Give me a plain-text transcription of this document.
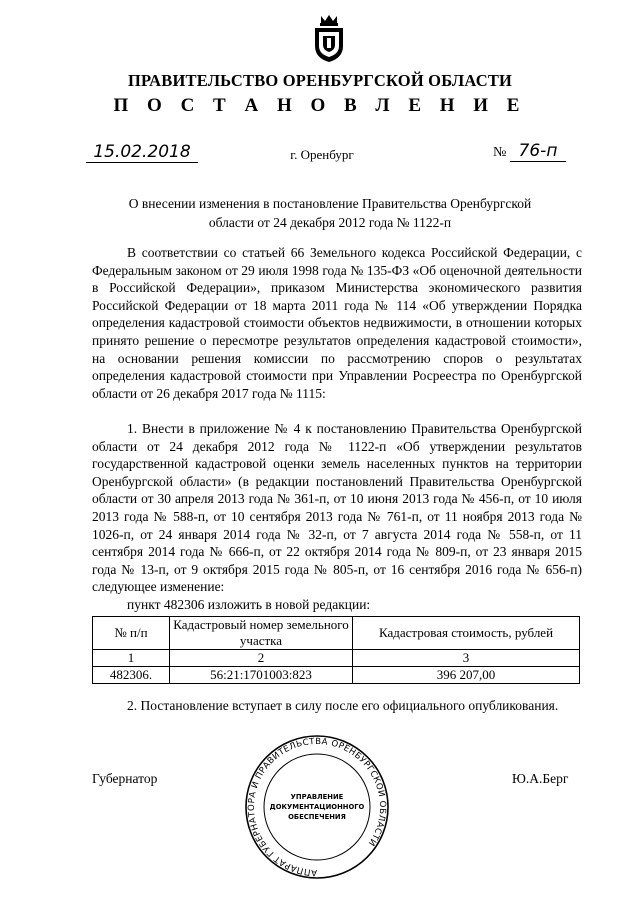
ПРАВИТЕЛЬСТВО ОРЕНБУРГСКОЙ ОБЛАСТИ
П О С Т А Н О В Л Е Н И Е
15.02.2018	г. Оренбург	№ 76-п
О внесении изменения в постановление Правительства Оренбургской области от 24 декабря 2012 года № 1122-п
В соответствии со статьей 66 Земельного кодекса Российской Федерации, с Федеральным законом от 29 июля 1998 года № 135-ФЗ «Об оценочной деятельности в Российской Федерации», приказом Министерства экономического развития Российской Федерации от 18 марта 2011 года № 114 «Об утверждении Порядка определения кадастровой стоимости объектов недвижимости, в отношении которых принято решение о пересмотре результатов определения кадастровой стоимости», на основании решения комиссии по рассмотрению споров о результатах определения кадастровой стоимости при Управлении Росреестра по Оренбургской области от 26 декабря 2017 года № 1115:
1. Внести в приложение № 4 к постановлению Правительства Оренбургской области от 24 декабря 2012 года № 1122-п «Об утверждении результатов государственной кадастровой оценки земель населенных пунктов на территории Оренбургской области» (в редакции постановлений Правительства Оренбургской области от 30 апреля 2013 года № 361-п, от 10 июня 2013 года № 456-п, от 10 июля 2013 года № 588-п, от 10 сентября 2013 года № 761-п, от 11 ноября 2013 года № 1026-п, от 24 января 2014 года № 32-п, от 7 августа 2014 года № 558-п, от 11 сентября 2014 года № 666-п, от 22 октября 2014 года № 809-п, от 23 января 2015 года № 13-п, от 9 октября 2015 года № 805-п, от 16 сентября 2016 года № 656-п) следующее изменение:
пункт 482306 изложить в новой редакции:
№ п/п	Кадастровый номер земельного участка	Кадастровая стоимость, рублей
1	2	3
482306.	56:21:1701003:823	396 207,00
2. Постановление вступает в силу после его официального опубликования.
АППАРАТ ГУБЕРНАТОРА И ПРАВИТЕЛЬСТВА ОРЕНБУРГСКОЙ ОБЛАСТИ
УПРАВЛЕНИЕ
ДОКУМЕНТАЦИОННОГО
ОБЕСПЕЧЕНИЯ
Губернатор	Ю.А.Берг
